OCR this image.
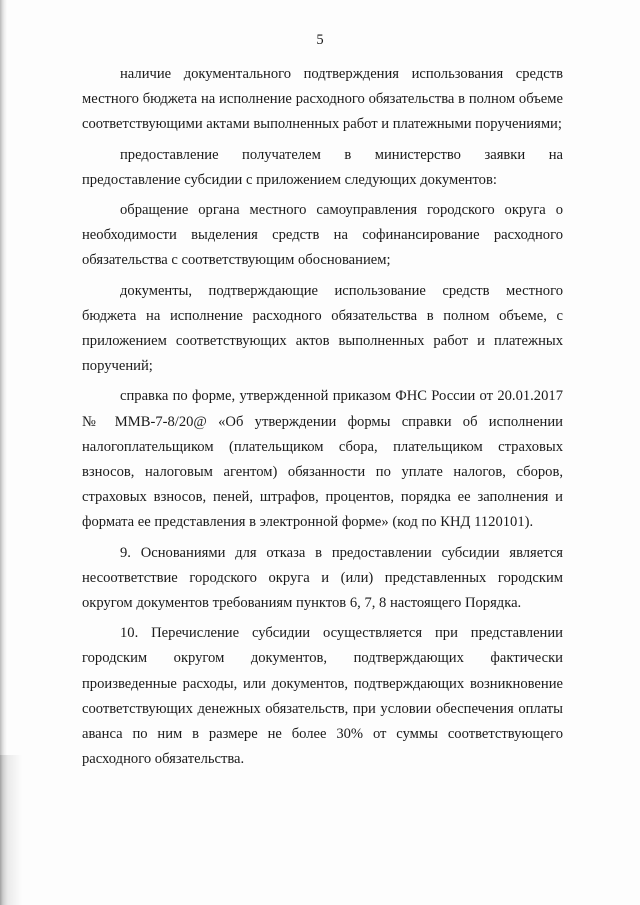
5

наличие документального подтверждения использования средств местного бюджета на исполнение расходного обязательства в полном объеме соответствующими актами выполненных работ и платежными поручениями;

предоставление получателем в министерство заявки на предоставление субсидии с приложением следующих документов:

обращение органа местного самоуправления городского округа о необходимости выделения средств на софинансирование расходного обязательства с соответствующим обоснованием;

документы, подтверждающие использование средств местного бюджета на исполнение расходного обязательства в полном объеме, с приложением соответствующих актов выполненных работ и платежных поручений;

справка по форме, утвержденной приказом ФНС России от 20.01.2017 № ММВ-7-8/20@ «Об утверждении формы справки об исполнении налогоплательщиком (плательщиком сбора, плательщиком страховых взносов, налоговым агентом) обязанности по уплате налогов, сборов, страховых взносов, пеней, штрафов, процентов, порядка ее заполнения и формата ее представления в электронной форме» (код по КНД 1120101).

9. Основаниями для отказа в предоставлении субсидии является несоответствие городского округа и (или) представленных городским округом документов требованиям пунктов 6, 7, 8 настоящего Порядка.

10. Перечисление субсидии осуществляется при представлении городским округом документов, подтверждающих фактически произведенные расходы, или документов, подтверждающих возникновение соответствующих денежных обязательств, при условии обеспечения оплаты аванса по ним в размере не более 30% от суммы соответствующего расходного обязательства.
